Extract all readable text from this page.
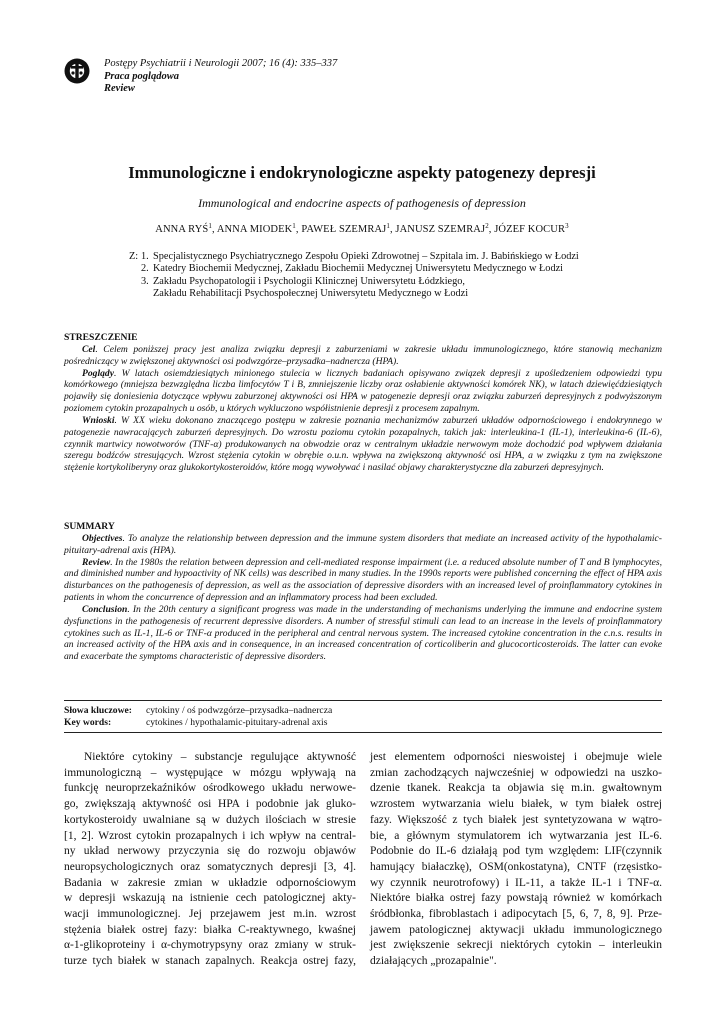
Postępy Psychiatrii i Neurologii 2007; 16 (4): 335–337
Praca poglądowa
Review
Immunologiczne i endokrynologiczne aspekty patogenezy depresji
Immunological and endocrine aspects of pathogenesis of depression
ANNA RYŚ$^1$, ANNA MIODEK$^1$, PAWEŁ SZEMRAJ$^1$, JANUSZ SZEMRAJ$^2$, JÓZEF KOCUR$^3$
Z: 1. Specjalistycznego Psychiatrycznego Zespołu Opieki Zdrowotnej – Szpitala im. J. Babińskiego w Łodzi
2. Katedry Biochemii Medycznej, Zakładu Biochemii Medycznej Uniwersytetu Medycznego w Łodzi
3. Zakładu Psychopatologii i Psychologii Klinicznej Uniwersytetu Łódzkiego,
Zakładu Rehabilitacji Psychospołecznej Uniwersytetu Medycznego w Łodzi
STRESZCZENIE

Cel. Celem poniższej pracy jest analiza związku depresji z zaburzeniami w zakresie układu immunologicznego, które stanowią mechanizm pośredniczący w zwiększonej aktywności osi podwzgórze–przysadka–nadnercza (HPA).

Poglądy. W latach osiemdziesiątych minionego stulecia w licznych badaniach opisywano związek depresji z upośledzeniem odpowiedzi typu komórkowego (mniejsza bezwzględna liczba limfocytów T i B, zmniejszenie liczby oraz osłabienie aktywności komórek NK), w latach dziewięćdziesiątych pojawiły się doniesienia dotyczące wpływu zaburzonej aktywności osi HPA w patogenezie depresji oraz związku zaburzeń depresyjnych z podwyższonym poziomem cytokin prozapalnych u osób, u których wykluczono współistnienie depresji z procesem zapalnym.

Wnioski. W XX wieku dokonano znaczącego postępu w zakresie poznania mechanizmów zaburzeń układów odpornościowego i endokrynnego w patogenezie nawracających zaburzeń depresyjnych. Do wzrostu poziomu cytokin pozapalnych, takich jak: interleukina-1 (IL-1), interleukina-6 (IL-6), czynnik martwicy nowotworów (TNF-α) produkowanych na obwodzie oraz w centralnym układzie nerwowym może dochodzić pod wpływem działania szeregu bodźców stresujących. Wzrost stężenia cytokin w obrębie o.u.n. wpływa na zwiększoną aktywność osi HPA, a w związku z tym na zwiększone stężenie kortykoliberyny oraz glukokortykosteroidów, które mogą wywoływać i nasilać objawy charakterystyczne dla zaburzeń depresyjnych.

SUMMARY

Objectives. To analyze the relationship between depression and the immune system disorders that mediate an increased activity of the hypothalamic-pituitary-adrenal axis (HPA).

Review. In the 1980s the relation between depression and cell-mediated response impairment (i.e. a reduced absolute number of T and B lymphocytes, and diminished number and hypoactivity of NK cells) was described in many studies. In the 1990s reports were published concerning the effect of HPA axis disturbances on the pathogenesis of depression, as well as the association of depressive disorders with an increased level of proinflammatory cytokines in patients in whom the concurrence of depression and an inflammatory process had been excluded.

Conclusion. In the 20th century a significant progress was made in the understanding of mechanisms underlying the immune and endocrine system dysfunctions in the pathogenesis of recurrent depressive disorders. A number of stressful stimuli can lead to an increase in the levels of proinflammatory cytokines such as IL-1, IL-6 or TNF-α produced in the peripheral and central nervous system. The increased cytokine concentration in the c.n.s. results in an increased activity of the HPA axis and in consequence, in an increased concentration of corticoliberin and glucocorticosteroids. The latter can evoke and exacerbate the symptoms characteristic of depressive disorders.

Słowa kluczowe: cytokiny / oś podwzgórze–przysadka–nadnercza
Key words:	cytokines / hypothalamic-pituitary-adrenal axis
Niektóre cytokiny – substancje regulujące aktywność
immunologiczną – występujące w mózgu wpływają na
funkcję neuroprzekaźników ośrodkowego układu nerwowe-
go, zwiększają aktywność osi HPA i podobnie jak gluko-
kortykosteroidy uwalniane są w dużych ilościach w stresie
[1, 2]. Wzrost cytokin prozapalnych i ich wpływ na central-
ny układ nerwowy przyczynia się do rozwoju objawów
neuropsychologicznych oraz somatycznych depresji [3, 4].
Badania w zakresie zmian w układzie odpornościowym
w depresji wskazują na istnienie cech patologicznej akty-
wacji immunologicznej. Jej przejawem jest m.in. wzrost
stężenia białek ostrej fazy: białka C-reaktywnego, kwaśnej
α-1-glikoproteiny i α-chymotrypsyny oraz zmiany w struk-
turze tych białek w stanach zapalnych. Reakcja ostrej fazy,
jest elementem odporności nieswoistej i obejmuje wiele
zmian zachodzących najwcześniej w odpowiedzi na uszko-
dzenie tkanek. Reakcja ta objawia się m.in. gwałtownym
wzrostem wytwarzania wielu białek, w tym białek ostrej
fazy. Większość z tych białek jest syntetyzowana w wątro-
bie, a głównym stymulatorem ich wytwarzania jest IL-6.
Podobnie do IL-6 działają pod tym względem: LIF(czynnik
hamujący białaczkę), OSM(onkostatyna), CNTF (rzęsistko-
wy czynnik neurotrofowy) i IL-11, a także IL-1 i TNF-α.
Niektóre białka ostrej fazy powstają również w komórkach
śródbłonka, fibroblastach i adipocytach [5, 6, 7, 8, 9]. Prze-
jawem patologicznej aktywacji układu immunologicznego
jest zwiększenie sekrecji niektórych cytokin – interleukin
działających „prozapalnie".
